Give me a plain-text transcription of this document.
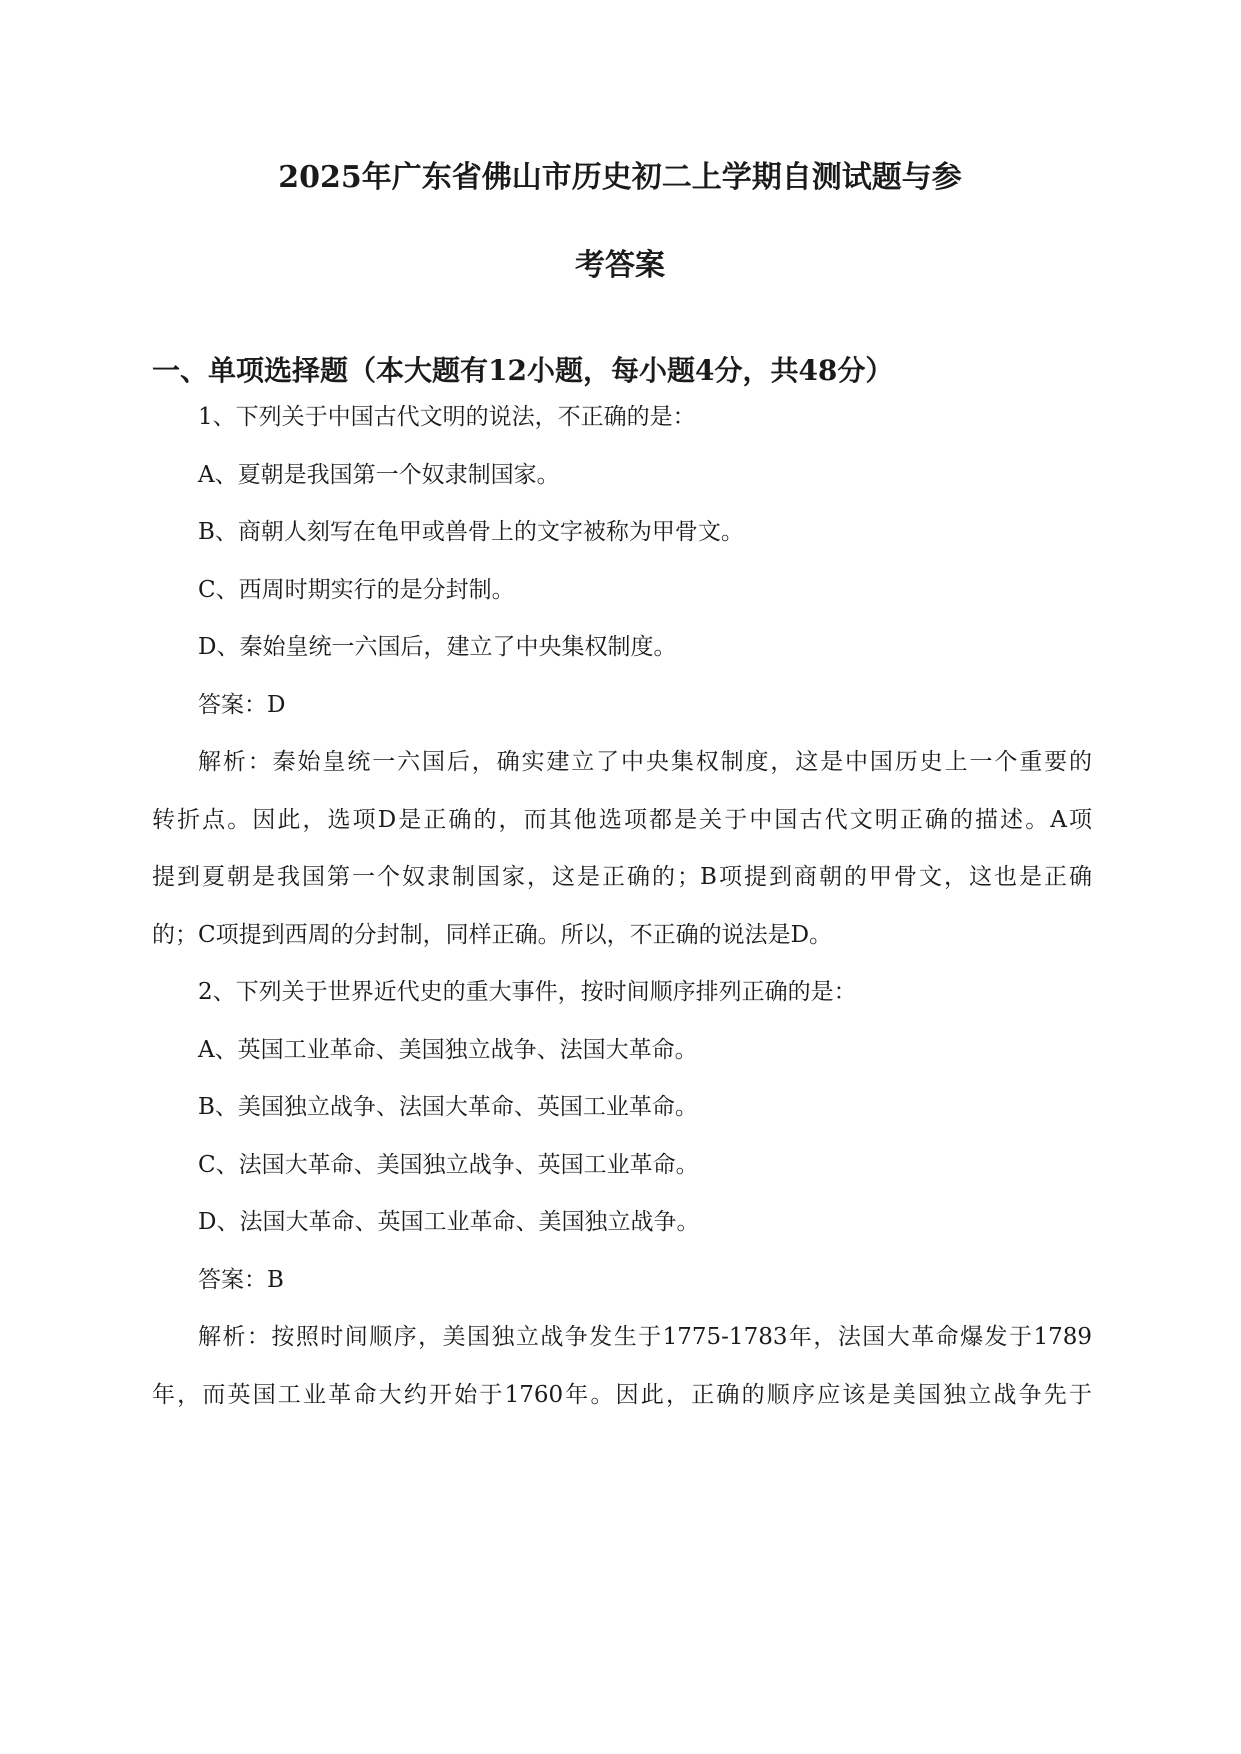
2025年广东省佛山市历史初二上学期自测试题与参
考答案
一、单项选择题（本大题有12小题，每小题4分，共48分）
1、下列关于中国古代文明的说法，不正确的是：
A、夏朝是我国第一个奴隶制国家。
B、商朝人刻写在龟甲或兽骨上的文字被称为甲骨文。
C、西周时期实行的是分封制。
D、秦始皇统一六国后，建立了中央集权制度。
答案：D
解析：秦始皇统一六国后，确实建立了中央集权制度，这是中国历史上一个重要的
转折点。因此，选项D是正确的，而其他选项都是关于中国古代文明正确的描述。A项
提到夏朝是我国第一个奴隶制国家，这是正确的；B项提到商朝的甲骨文，这也是正确
的；C项提到西周的分封制，同样正确。所以，不正确的说法是D。
2、下列关于世界近代史的重大事件，按时间顺序排列正确的是：
A、英国工业革命、美国独立战争、法国大革命。
B、美国独立战争、法国大革命、英国工业革命。
C、法国大革命、美国独立战争、英国工业革命。
D、法国大革命、英国工业革命、美国独立战争。
答案：B
解析：按照时间顺序，美国独立战争发生于1775-1783年，法国大革命爆发于1789
年，而英国工业革命大约开始于1760年。因此，正确的顺序应该是美国独立战争先于
